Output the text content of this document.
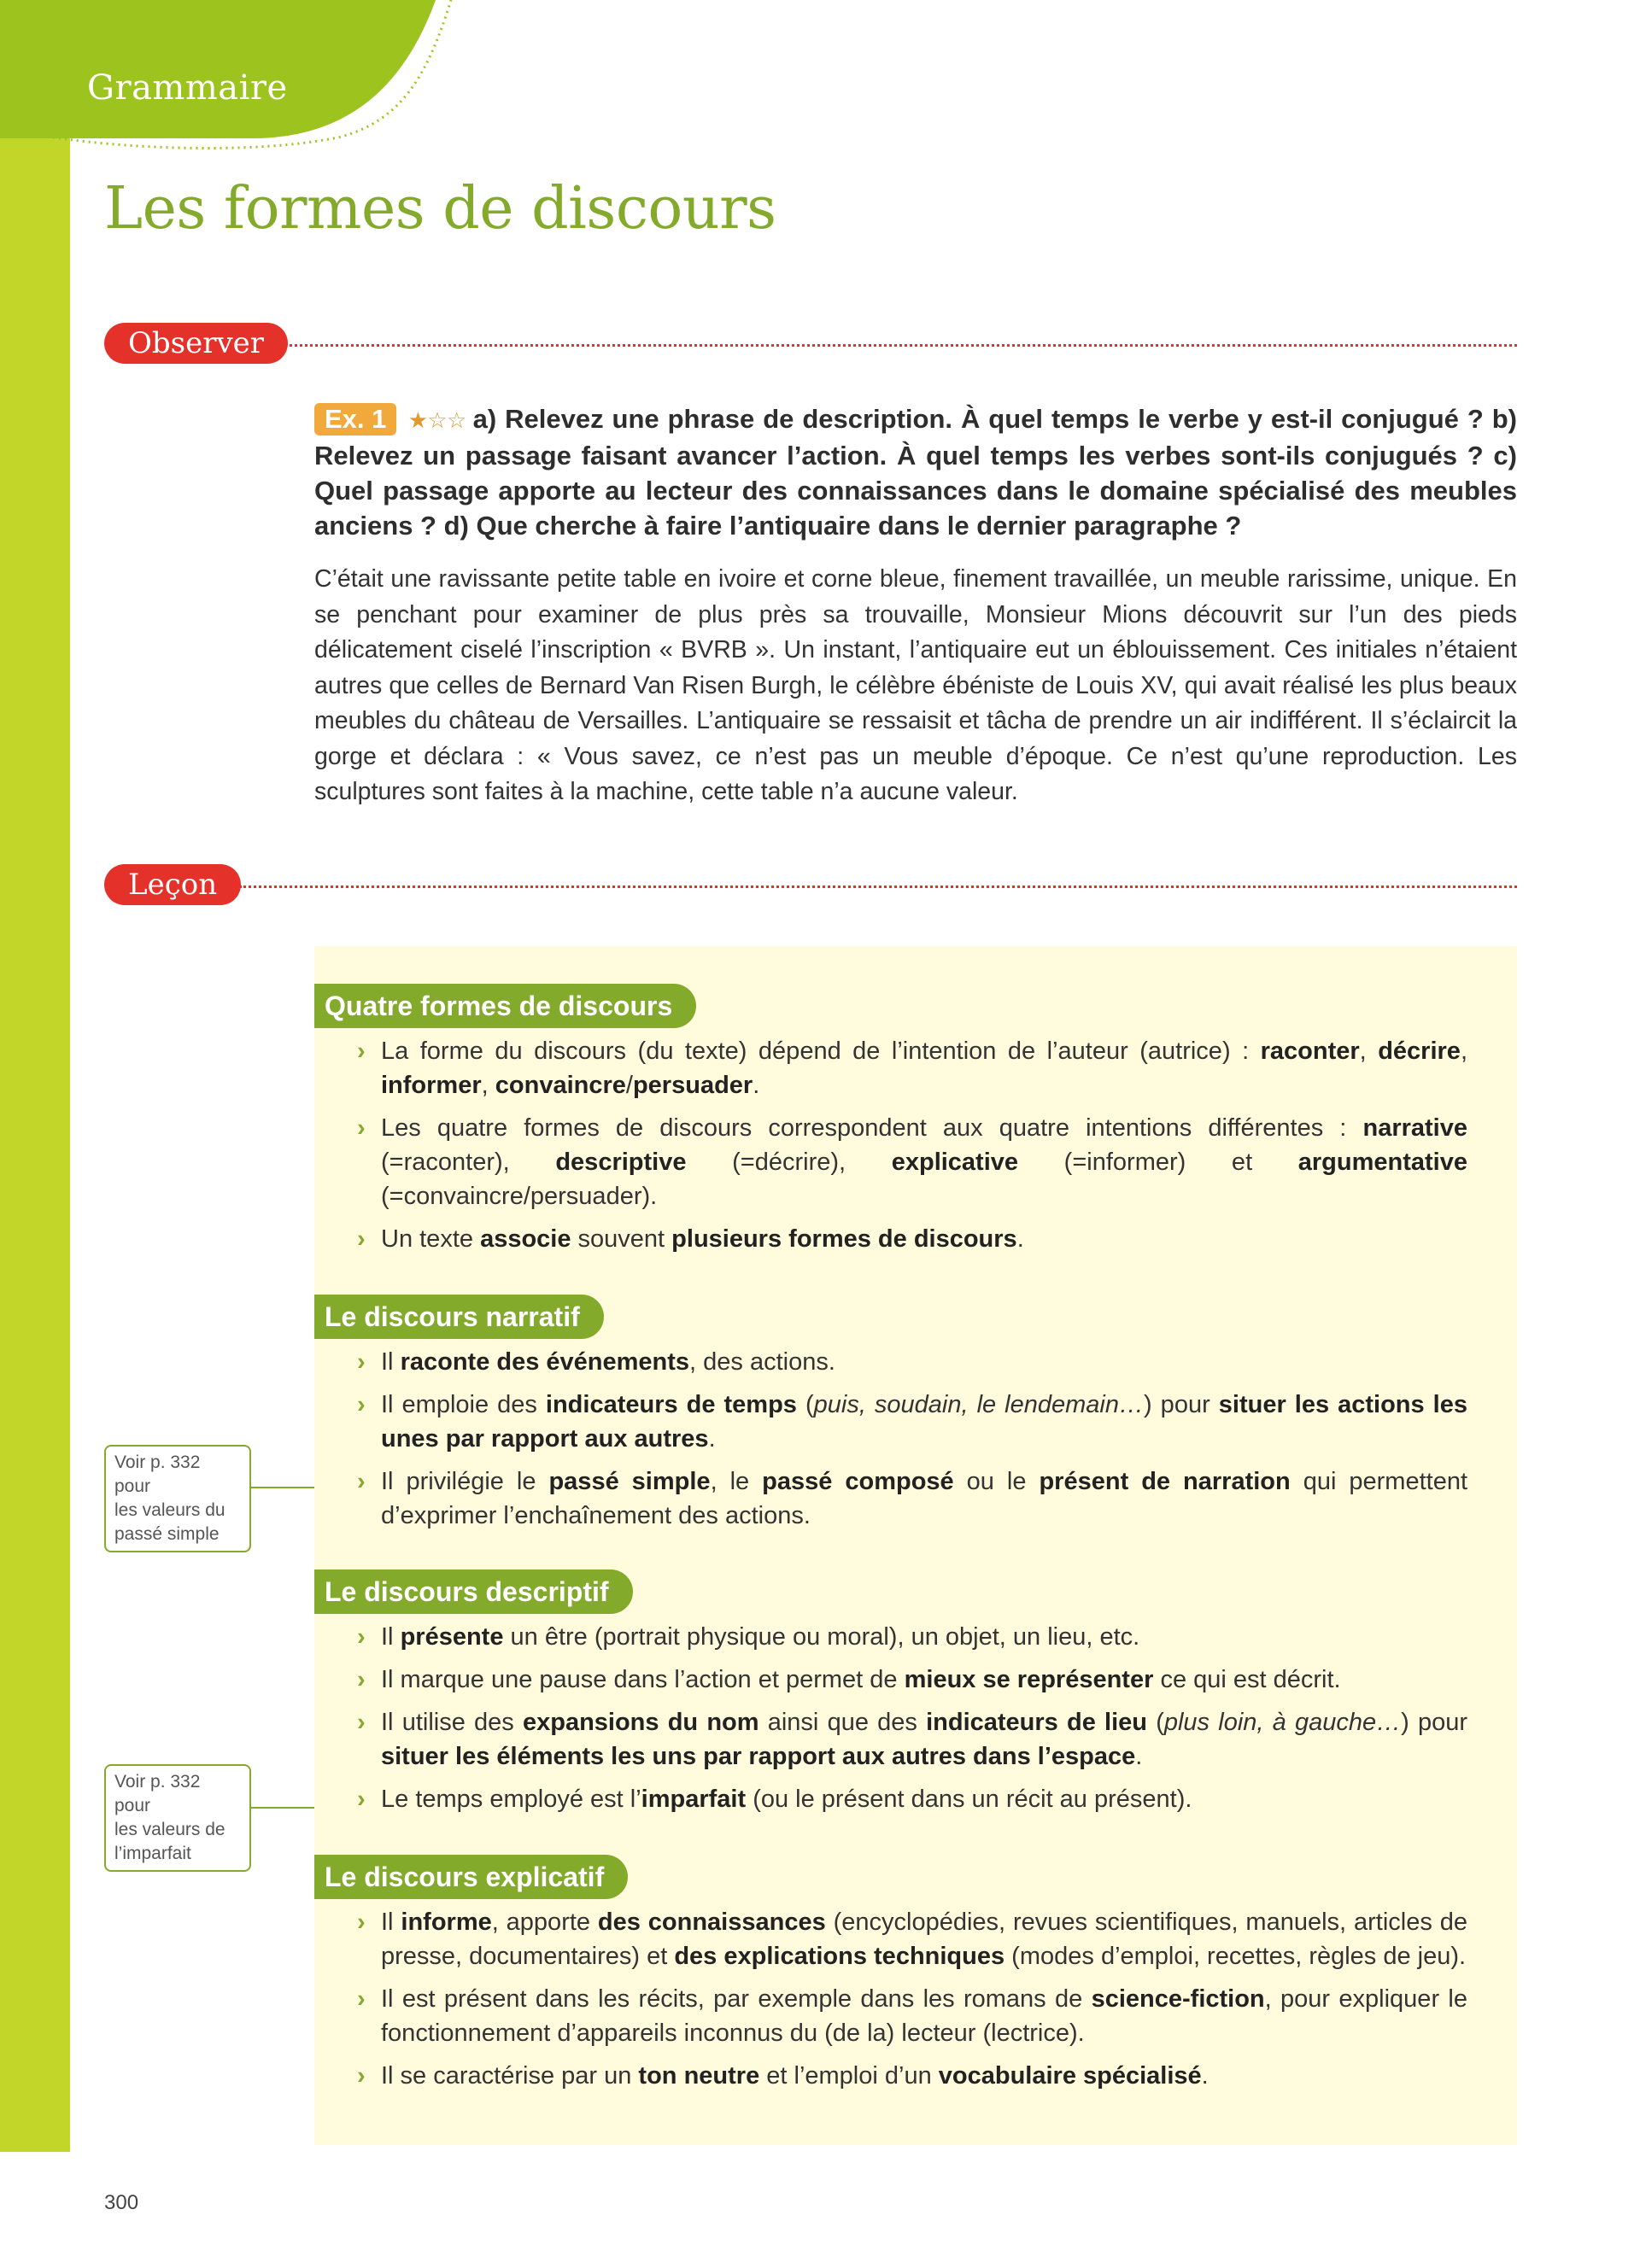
Grammaire
Les formes de discours
Observer
Ex. 1 ★☆☆ a) Relevez une phrase de description. À quel temps le verbe y est-il conjugué ? b) Relevez un passage faisant avancer l’action. À quel temps les verbes sont-ils conjugués ? c) Quel passage apporte au lecteur des connaissances dans le domaine spécialisé des meubles anciens ? d) Que cherche à faire l’antiquaire dans le dernier paragraphe ?
C’était une ravissante petite table en ivoire et corne bleue, finement travaillée, un meuble rarissime, unique. En se penchant pour examiner de plus près sa trouvaille, Monsieur Mions découvrit sur l’un des pieds délicatement ciselé l’inscription « BVRB ». Un instant, l’antiquaire eut un éblouissement. Ces initiales n’étaient autres que celles de Bernard Van Risen Burgh, le célèbre ébéniste de Louis XV, qui avait réalisé les plus beaux meubles du château de Versailles. L’antiquaire se ressaisit et tâcha de prendre un air indifférent. Il s’éclaircit la gorge et déclara : « Vous savez, ce n’est pas un meuble d’époque. Ce n’est qu’une reproduction. Les sculptures sont faites à la machine, cette table n’a aucune valeur.
Leçon
Quatre formes de discours
› La forme du discours (du texte) dépend de l’intention de l’auteur (autrice) : raconter, décrire, informer, convaincre/persuader.
› Les quatre formes de discours correspondent aux quatre intentions différentes : narrative (=raconter), descriptive (=décrire), explicative (=informer) et argumentative (=convaincre/persuader).
› Un texte associe souvent plusieurs formes de discours.
Le discours narratif
› Il raconte des événements, des actions.
› Il emploie des indicateurs de temps (puis, soudain, le lendemain…) pour situer les actions les unes par rapport aux autres.
› Il privilégie le passé simple, le passé composé ou le présent de narration qui permettent d’exprimer l’enchaînement des actions.
Le discours descriptif
› Il présente un être (portrait physique ou moral), un objet, un lieu, etc.
› Il marque une pause dans l’action et permet de mieux se représenter ce qui est décrit.
› Il utilise des expansions du nom ainsi que des indicateurs de lieu (plus loin, à gauche…) pour situer les éléments les uns par rapport aux autres dans l’espace.
› Le temps employé est l’imparfait (ou le présent dans un récit au présent).
Le discours explicatif
› Il informe, apporte des connaissances (encyclopédies, revues scientifiques, manuels, articles de presse, documentaires) et des explications techniques (modes d’emploi, recettes, règles de jeu).
› Il est présent dans les récits, par exemple dans les romans de science-fiction, pour expliquer le fonctionnement d’appareils inconnus du (de la) lecteur (lectrice).
› Il se caractérise par un ton neutre et l’emploi d’un vocabulaire spécialisé.
Voir p. 332 pour
les valeurs du
passé simple
Voir p. 332 pour
les valeurs de
l’imparfait
300
